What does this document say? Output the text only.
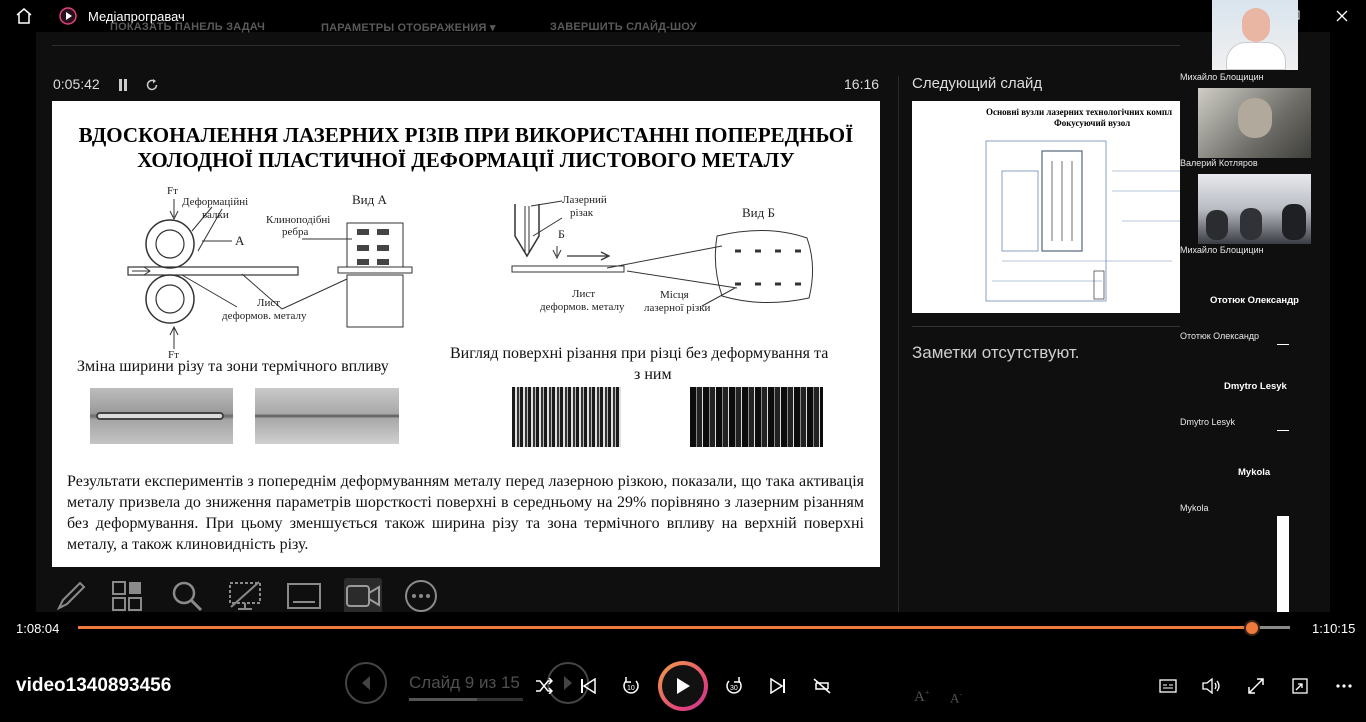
Медіапрогравач
ПОКАЗАТЬ ПАНЕЛЬ ЗАДАЧ	ПАРАМЕТРЫ ОТОБРАЖЕНИЯ ▾	ЗАВЕРШИТЬ СЛАЙД-ШОУ
0:05:42	16:16
ВДОСКОНАЛЕННЯ ЛАЗЕРНИХ РІЗІВ ПРИ ВИКОРИСТАННІ ПОПЕРЕДНЬОЇ
ХОЛОДНОЇ ПЛАСТИЧНОЇ ДЕФОРМАЦІЇ ЛИСТОВОГО МЕТАЛУ
Fт
Fт
Деформаційні
валки
А
Вид А
Клиноподібні
ребра
Лист
деформов. металу
Лазерний
різак
Б
Вид Б
Лист
деформов. металу
Місця
лазерної різки
Зміна ширини різу та зони термічного впливу
Вигляд поверхні різання при різці без деформування та
з ним
Результати експериментів з попереднім деформуванням металу перед лазерною різкою, показали, що така активація металу призвела до зниження параметрів шорсткості поверхні в середньому на 29% порівняно з лазерним різанням без деформування. При цьому зменшується також ширина різу та зона термічного впливу на верхній поверхні металу, а також клиновидність різу.
Следующий слайд
Основні вузли лазерних технологічних компл
Фокусуючий вузол
Заметки отсутствуют.
Михайло Блощицин
Валерий Котляров
Михайло Блощицин
Ототюк Олександр
Ототюк Олександр
Dmytro Lesyk
Dmytro Lesyk
Mykola
Mykola
1:08:04	1:10:15
video1340893456	Слайд 9 из 15	10	30
A+ A-
